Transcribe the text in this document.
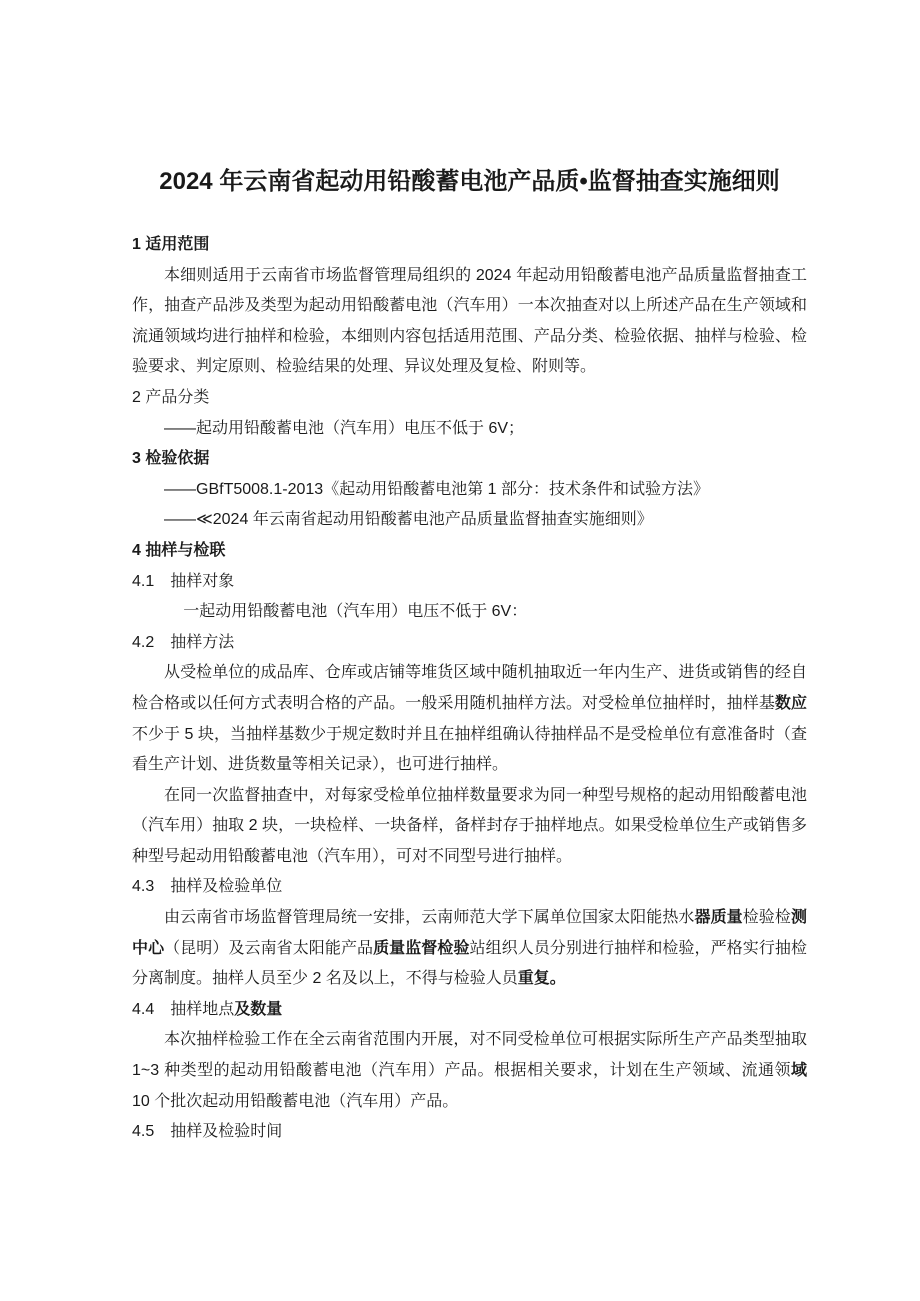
2024 年云南省起动用铅酸蓄电池产品质•监督抽查实施细则
1 适用范围
本细则适用于云南省市场监督管理局组织的 2024 年起动用铅酸蓄电池产品质量监督抽查工作，抽查产品涉及类型为起动用铅酸蓄电池（汽车用）一本次抽查对以上所述产品在生产领域和流通领域均进行抽样和检验，本细则内容包括适用范围、产品分类、检验依据、抽样与检验、检验要求、判定原则、检验结果的处理、异议处理及复检、附则等。
2 产品分类
——起动用铅酸蓄电池（汽车用）电压不低于 6V；
3 检验依据
——GBfT5008.1-2013《起动用铅酸蓄电池第 1 部分：技术条件和试验方法》
——≪2024 年云南省起动用铅酸蓄电池产品质量监督抽查实施细则》
4 抽样与检联
4.1　抽样对象
一起动用铅酸蓄电池（汽车用）电压不低于 6V：
4.2　抽样方法
从受检单位的成品库、仓库或店铺等堆货区域中随机抽取近一年内生产、进货或销售的经自检合格或以任何方式表明合格的产品。一般采用随机抽样方法。对受检单位抽样时，抽样基数应不少于 5 块，当抽样基数少于规定数时并且在抽样组确认待抽样品不是受检单位有意准备时（查看生产计划、进货数量等相关记录），也可进行抽样。
在同一次监督抽查中，对每家受检单位抽样数量要求为同一种型号规格的起动用铅酸蓄电池（汽车用）抽取 2 块，一块检样、一块备样，备样封存于抽样地点。如果受检单位生产或销售多种型号起动用铅酸蓄电池（汽车用），可对不同型号进行抽样。
4.3　抽样及检验单位
由云南省市场监督管理局统一安排，云南师范大学下属单位国家太阳能热水器质量检验检测中心（昆明）及云南省太阳能产品质量监督检验站组织人员分别进行抽样和检验，严格实行抽检分离制度。抽样人员至少 2 名及以上，不得与检验人员重复。
4.4　抽样地点及数量
本次抽样检验工作在全云南省范围内开展，对不同受检单位可根据实际所生产产品类型抽取 1~3 种类型的起动用铅酸蓄电池（汽车用）产品。根据相关要求，计划在生产领域、流通领域 10 个批次起动用铅酸蓄电池（汽车用）产品。
4.5　抽样及检验时间
